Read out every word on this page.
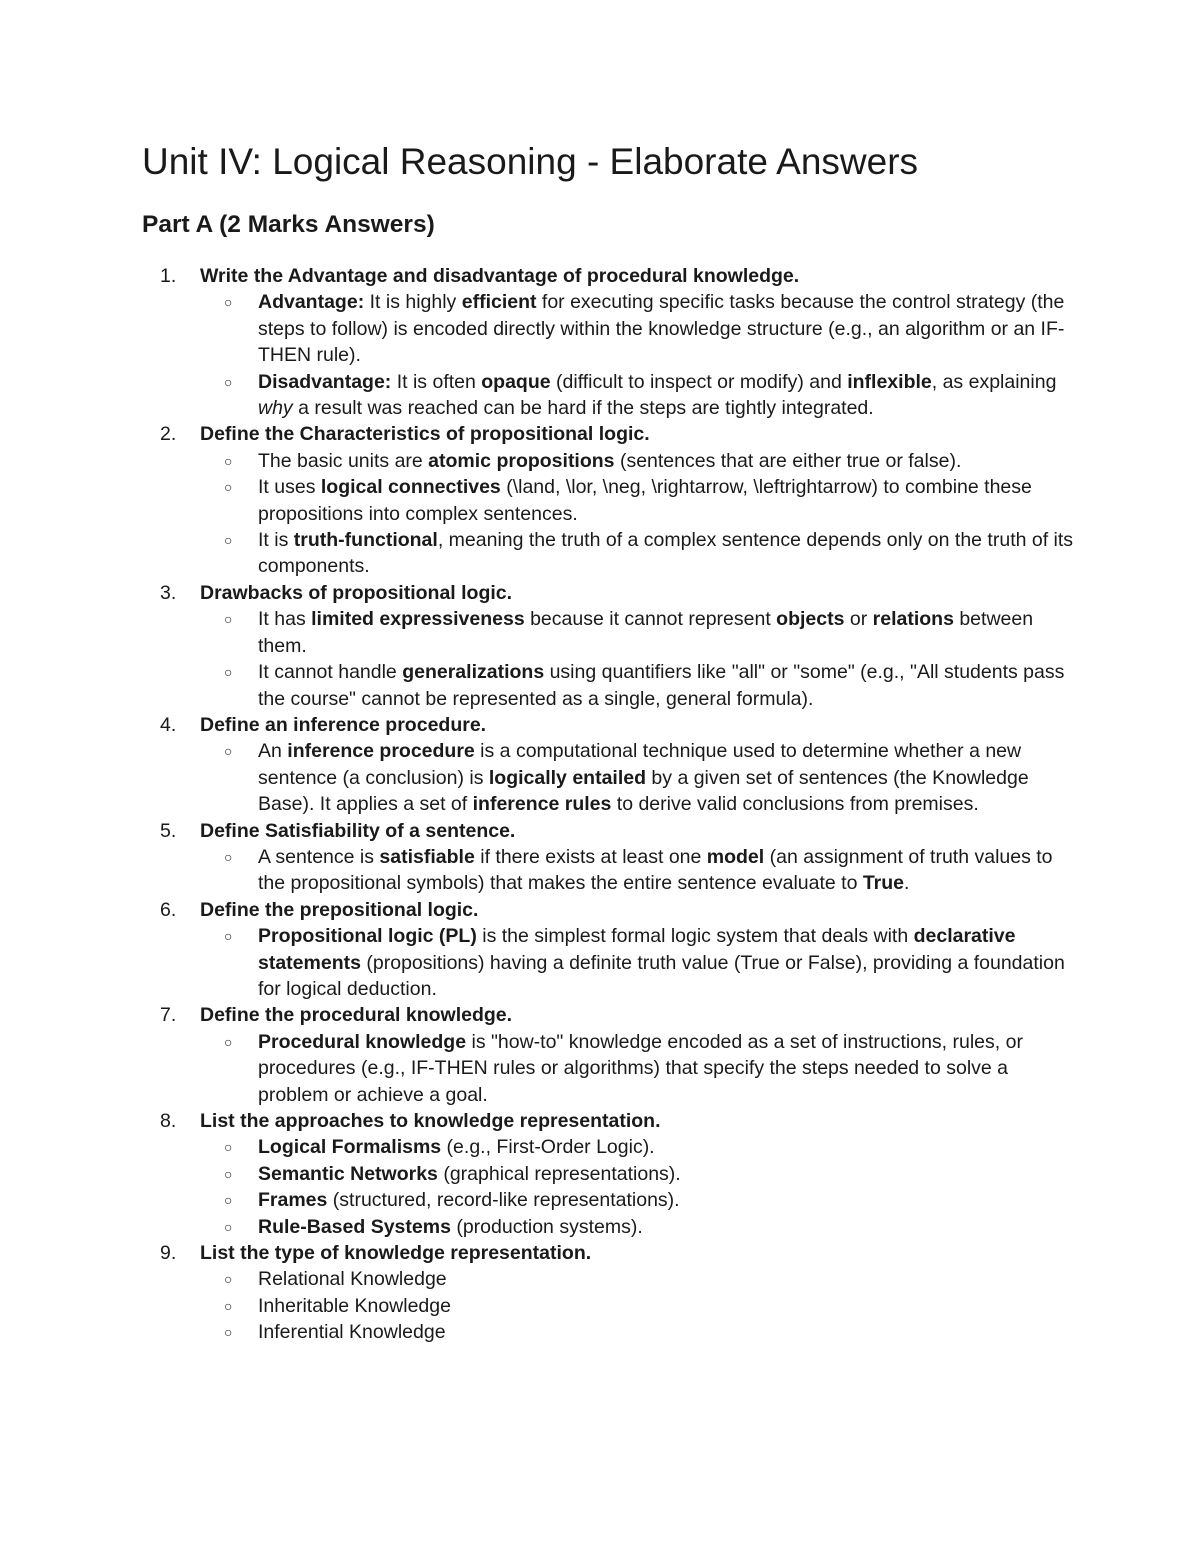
Unit IV: Logical Reasoning - Elaborate Answers
Part A (2 Marks Answers)
1. Write the Advantage and disadvantage of procedural knowledge.
○ Advantage: It is highly efficient for executing specific tasks because the control strategy (the steps to follow) is encoded directly within the knowledge structure (e.g., an algorithm or an IF-THEN rule).
○ Disadvantage: It is often opaque (difficult to inspect or modify) and inflexible, as explaining why a result was reached can be hard if the steps are tightly integrated.
2. Define the Characteristics of propositional logic.
○ The basic units are atomic propositions (sentences that are either true or false).
○ It uses logical connectives (\land, \lor, \neg, \rightarrow, \leftrightarrow) to combine these propositions into complex sentences.
○ It is truth-functional, meaning the truth of a complex sentence depends only on the truth of its components.
3. Drawbacks of propositional logic.
○ It has limited expressiveness because it cannot represent objects or relations between them.
○ It cannot handle generalizations using quantifiers like "all" or "some" (e.g., "All students pass the course" cannot be represented as a single, general formula).
4. Define an inference procedure.
○ An inference procedure is a computational technique used to determine whether a new sentence (a conclusion) is logically entailed by a given set of sentences (the Knowledge Base). It applies a set of inference rules to derive valid conclusions from premises.
5. Define Satisfiability of a sentence.
○ A sentence is satisfiable if there exists at least one model (an assignment of truth values to the propositional symbols) that makes the entire sentence evaluate to True.
6. Define the prepositional logic.
○ Propositional logic (PL) is the simplest formal logic system that deals with declarative statements (propositions) having a definite truth value (True or False), providing a foundation for logical deduction.
7. Define the procedural knowledge.
○ Procedural knowledge is "how-to" knowledge encoded as a set of instructions, rules, or procedures (e.g., IF-THEN rules or algorithms) that specify the steps needed to solve a problem or achieve a goal.
8. List the approaches to knowledge representation.
○ Logical Formalisms (e.g., First-Order Logic).
○ Semantic Networks (graphical representations).
○ Frames (structured, record-like representations).
○ Rule-Based Systems (production systems).
9. List the type of knowledge representation.
○ Relational Knowledge
○ Inheritable Knowledge
○ Inferential Knowledge
